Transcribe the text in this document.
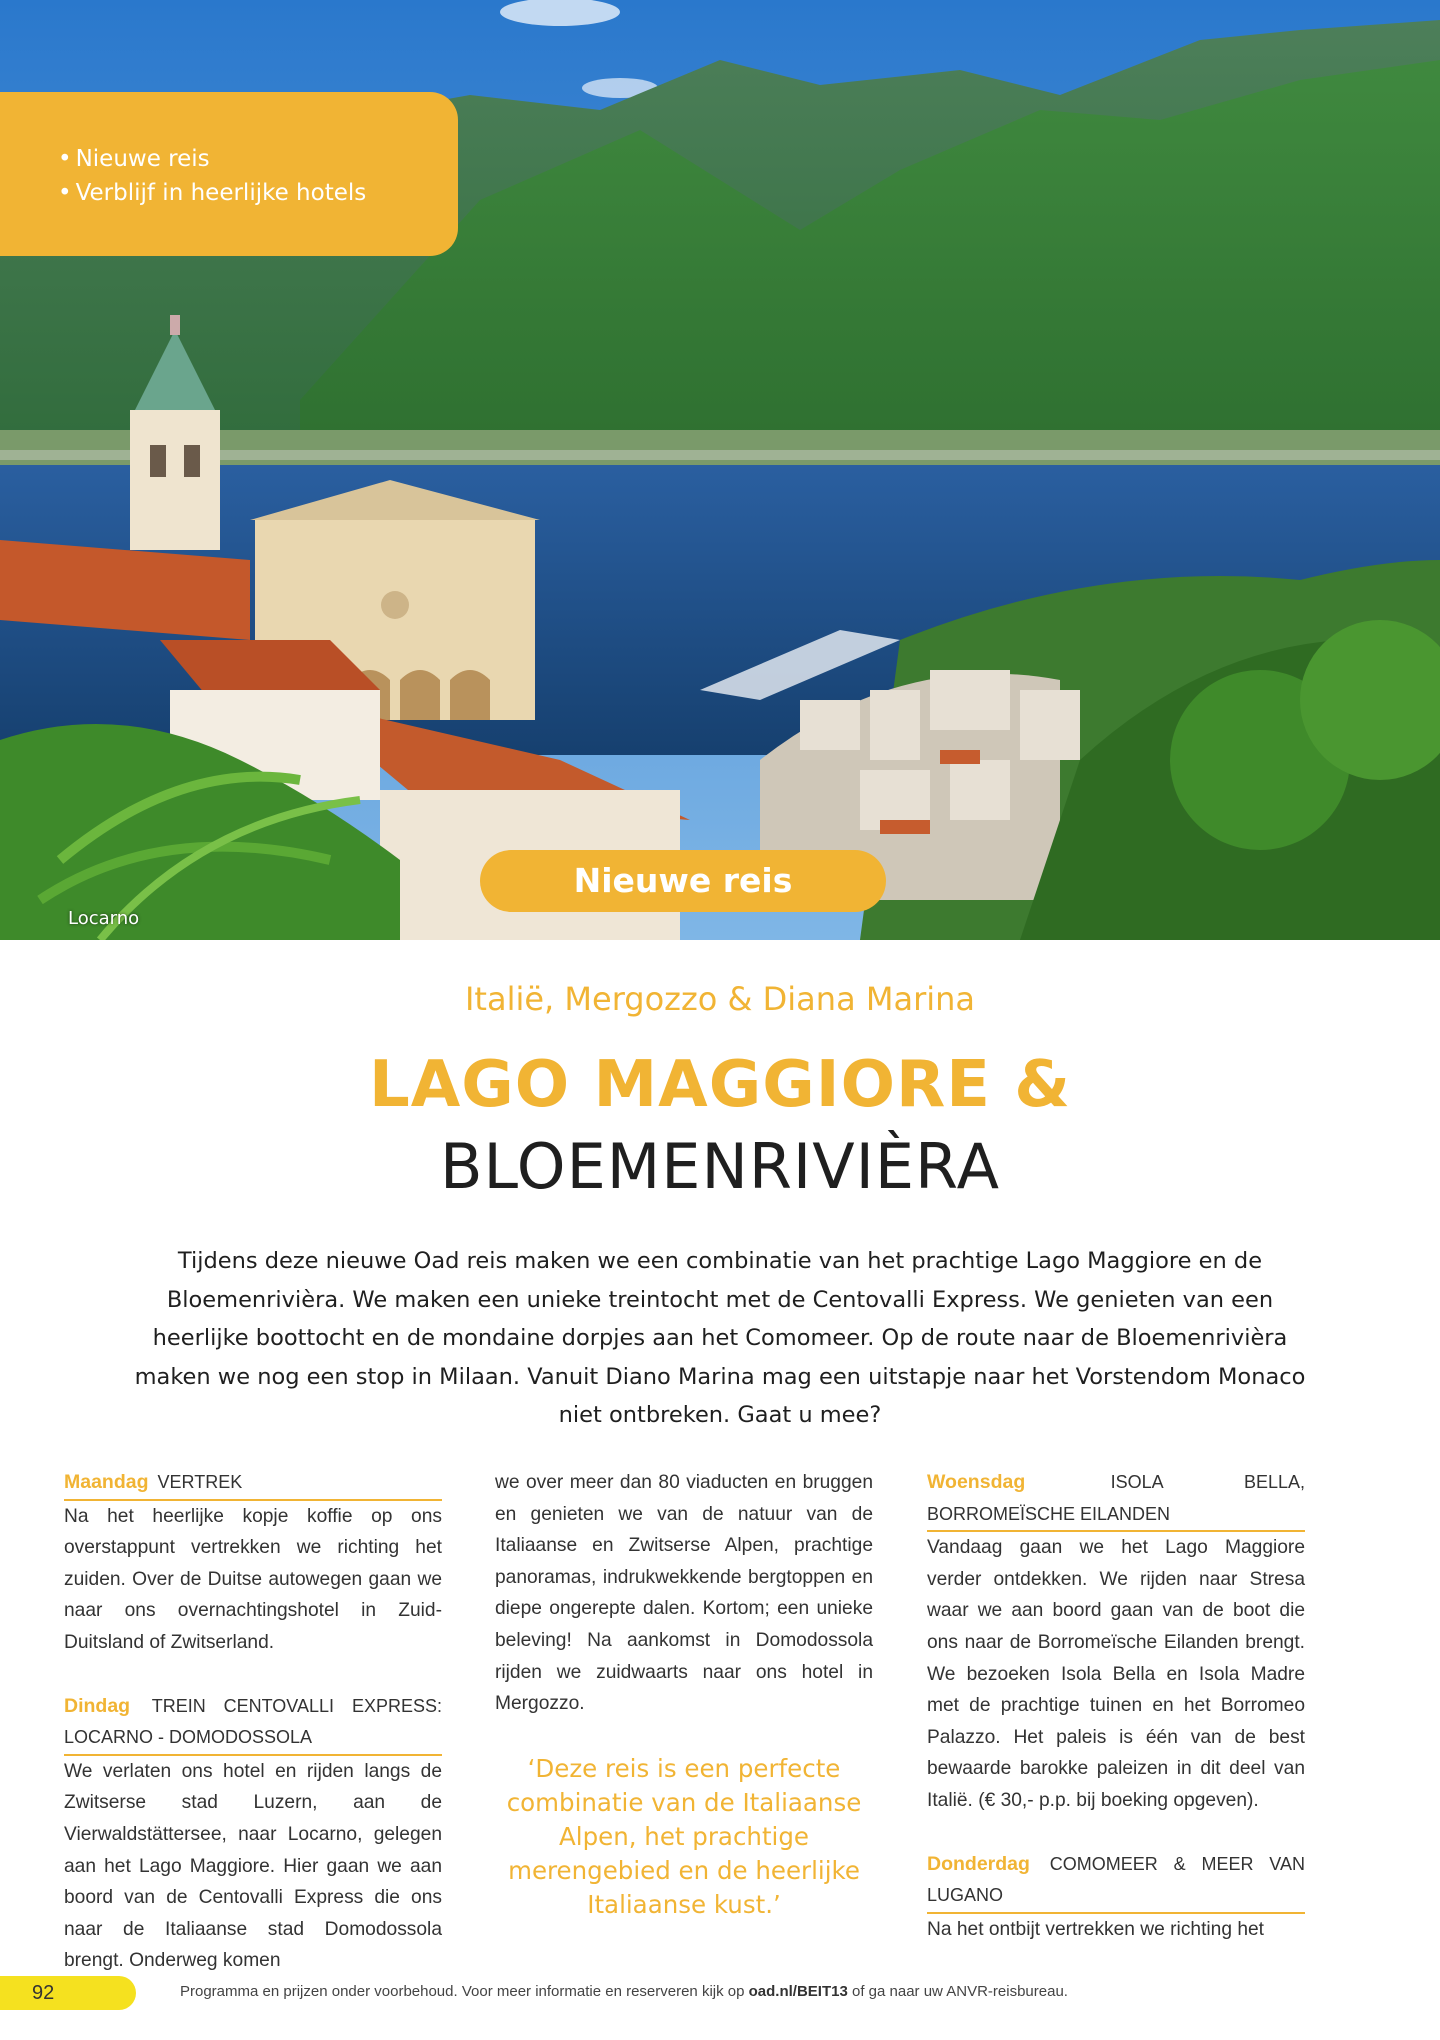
• Nieuwe reis
• Verblijf in heerlijke hotels
Nieuwe reis
Locarno
Italië, Mergozzo & Diana Marina
LAGO MAGGIORE &
BLOEMENRIVIÈRA

Tijdens deze nieuwe Oad reis maken we een combinatie van het prachtige Lago Maggiore en de Bloemenrivièra. We maken een unieke treintocht met de Centovalli Express. We genieten van een heerlijke boottocht en de mondaine dorpjes aan het Comomeer. Op de route naar de Bloemenrivièra maken we nog een stop in Milaan. Vanuit Diano Marina mag een uitstapje naar het Vorstendom Monaco niet ontbreken. Gaat u mee?

Maandag VERTREK

Na het heerlijke kopje koffie op ons overstappunt vertrekken we richting het zuiden. Over de Duitse autowegen gaan we naar ons overnachtingshotel in Zuid-Duitsland of Zwitserland.

Dindag TREIN CENTOVALLI EXPRESS: LOCARNO - DOMODOSSOLA

We verlaten ons hotel en rijden langs de Zwitserse stad Luzern, aan de Vierwaldstättersee, naar Locarno, gelegen aan het Lago Maggiore. Hier gaan we aan boord van de Centovalli Express die ons naar de Italiaanse stad Domodossola brengt. Onderweg komen

we over meer dan 80 viaducten en bruggen en genieten we van de natuur van de Italiaanse en Zwitserse Alpen, prachtige panoramas, indrukwekkende bergtoppen en diepe ongerepte dalen. Kortom; een unieke beleving! Na aankomst in Domodossola rijden we zuidwaarts naar ons hotel in Mergozzo.

‘Deze reis is een perfecte combinatie van de Italiaanse Alpen, het prachtige merengebied en de heerlijke Italiaanse kust.’

Woensdag	ISOLA BELLA, BORROMEÏSCHE EILANDEN

Vandaag gaan we het Lago Maggiore verder ontdekken. We rijden naar Stresa waar we aan boord gaan van de boot die ons naar de Borromeïsche Eilanden brengt. We bezoeken Isola Bella en Isola Madre met de prachtige tuinen en het Borromeo Palazzo. Het paleis is één van de best bewaarde barokke paleizen in dit deel van Italië. (€ 30,- p.p. bij boeking opgeven).

Donderdag COMOMEER & MEER VAN LUGANO

Na het ontbijt vertrekken we richting het

92	Programma en prijzen onder voorbehoud. Voor meer informatie en reserveren kijk op oad.nl/BEIT13 of ga naar uw ANVR-reisbureau.
